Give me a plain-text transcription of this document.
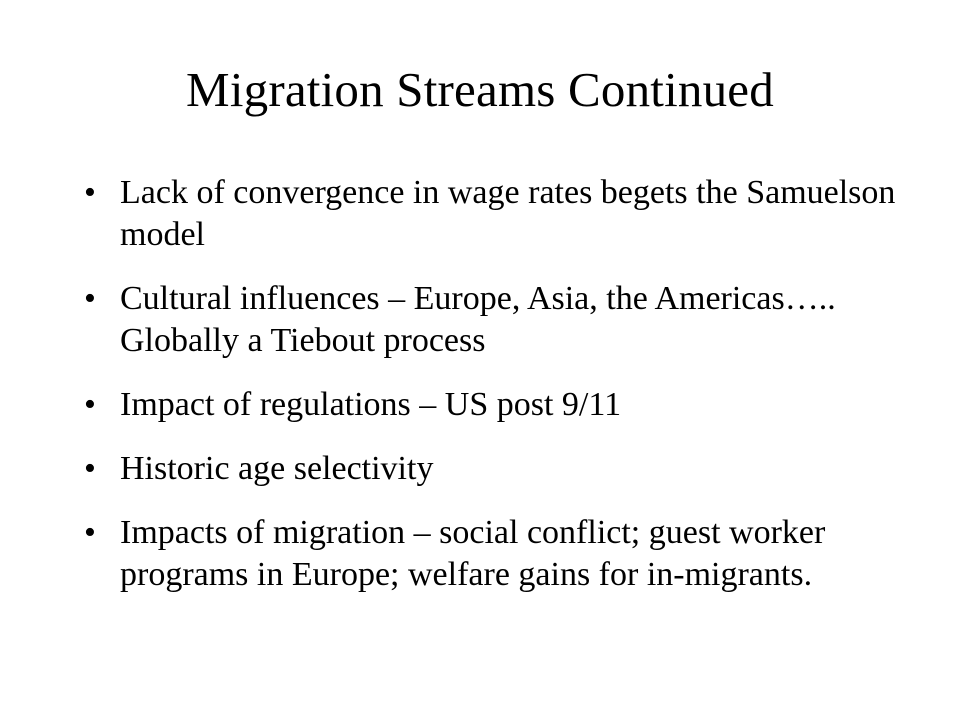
Migration Streams Continued
• Lack of convergence in wage rates begets the Samuelson model
• Cultural influences – Europe, Asia, the Americas….. Globally a Tiebout process
• Impact of regulations – US post 9/11
• Historic age selectivity
• Impacts of migration – social conflict; guest worker programs in Europe; welfare gains for in-migrants.
